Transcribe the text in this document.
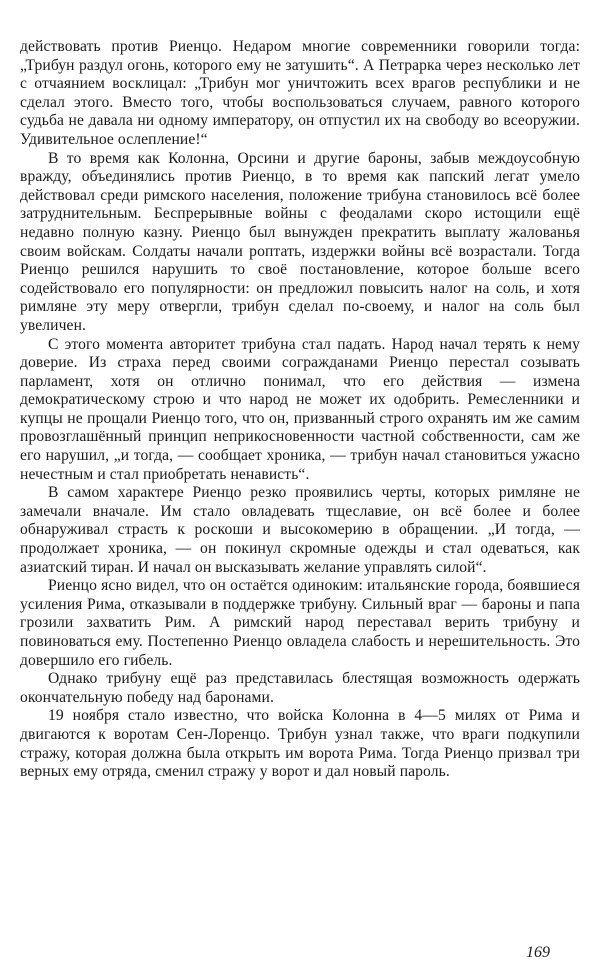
действовать против Риенцо. Недаром многие современники говорили тогда: „Трибун раздул огонь, которого ему не затушить“. А Петрарка через несколько лет с отчаянием восклицал: „Трибун мог уничтожить всех врагов республики и не сделал этого. Вместо того, чтобы воспользоваться случаем, равного которого судьба не давала ни одному императору, он отпустил их на свободу во всеоружии. Удивительное ослепление!“

В то время как Колонна, Орсини и другие бароны, забыв междоусобную вражду, объединялись против Риенцо, в то время как папский легат умело действовал среди римского населения, положение трибуна становилось всё более затруднительным. Беспрерывные войны с феодалами скоро истощили ещё недавно полную казну. Риенцо был вынужден прекратить выплату жалованья своим войскам. Солдаты начали роптать, издержки войны всё возрастали. Тогда Риенцо решился нарушить то своё постановление, которое больше всего содействовало его популярности: он предложил повысить налог на соль, и хотя римляне эту меру отвергли, трибун сделал по-своему, и налог на соль был увеличен.

С этого момента авторитет трибуна стал падать. Народ начал терять к нему доверие. Из страха перед своими согражданами Риенцо перестал созывать парламент, хотя он отлично понимал, что его действия — измена демократическому строю и что народ не может их одобрить. Ремесленники и купцы не прощали Риенцо того, что он, призванный строго охранять им же самим провозглашённый принцип неприкосновенности частной собственности, сам же его нарушил, „и тогда, — сообщает хроника, — трибун начал становиться ужасно нечестным и стал приобретать ненависть“.

В самом характере Риенцо резко проявились черты, которых римляне не замечали вначале. Им стало овладевать тщеславие, он всё более и более обнаруживал страсть к роскоши и высокомерию в обращении. „И тогда, — продолжает хроника, — он покинул скромные одежды и стал одеваться, как азиатский тиран. И начал он высказывать желание управлять силой“.

Риенцо ясно видел, что он остаётся одиноким: итальянские города, боявшиеся усиления Рима, отказывали в поддержке трибуну. Сильный враг — бароны и папа грозили захватить Рим. А римский народ переставал верить трибуну и повиноваться ему. Постепенно Риенцо овладела слабость и нерешительность. Это довершило его гибель.

Однако трибуну ещё раз представилась блестящая возможность одержать окончательную победу над баронами.

19 ноября стало известно, что войска Колонна в 4—5 милях от Рима и двигаются к воротам Сен-Лоренцо. Трибун узнал также, что враги подкупили стражу, которая должна была открыть им ворота Рима. Тогда Риенцо призвал три верных ему отряда, сменил стражу у ворот и дал новый пароль.

169
